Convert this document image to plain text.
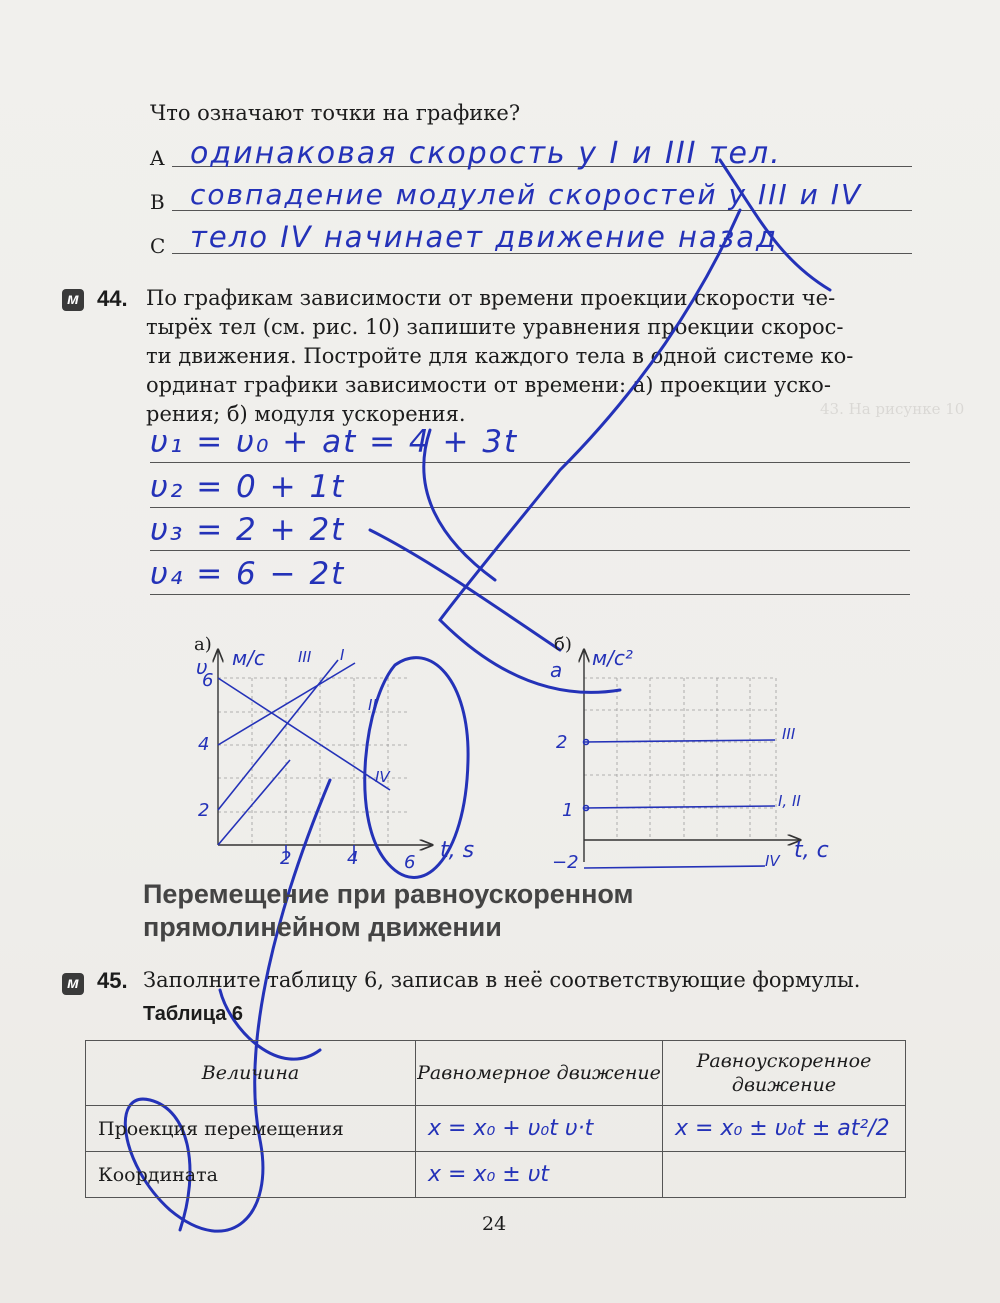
43. На рисунке 10
Что означают точки на графике?
A одинаковая скорость у I и III тел.
B совпадение модулей скоростей у III и IV
C тело IV начинает движение назад
м 44. По графикам зависимости от времени проекции скорости че-
тырёх тел (см. рис. 10) запишите уравнения проекции скорос-
ти движения. Постройте для каждого тела в одной системе ко-
ординат графики зависимости от времени: а) проекции уско-
рения; б) модуля ускорения.
υ₁ = υ₀ + at = 4 + 3t
υ₂ = 0 + 1t
υ₃ = 2 + 2t
υ₄ = 6 − 2t
а)
υ м/с
t, s
2	4 6
2
4
6
III I
II
IV
б)
a м/с²
t, c
2
1
−2
III
I, II
IV
Перемещение при равноускоренном
прямолинейном движении
м 45. Заполните таблицу 6, записав в неё соответствующие формулы.
Таблица 6
Величина	Равномерное движение	Равноускоренное движение
Проекция перемещения	x = x₀ + υ₀t υ·t	x = x₀ ± υ₀t ± at²/2
Координата	x = x₀ ± υt	
24
